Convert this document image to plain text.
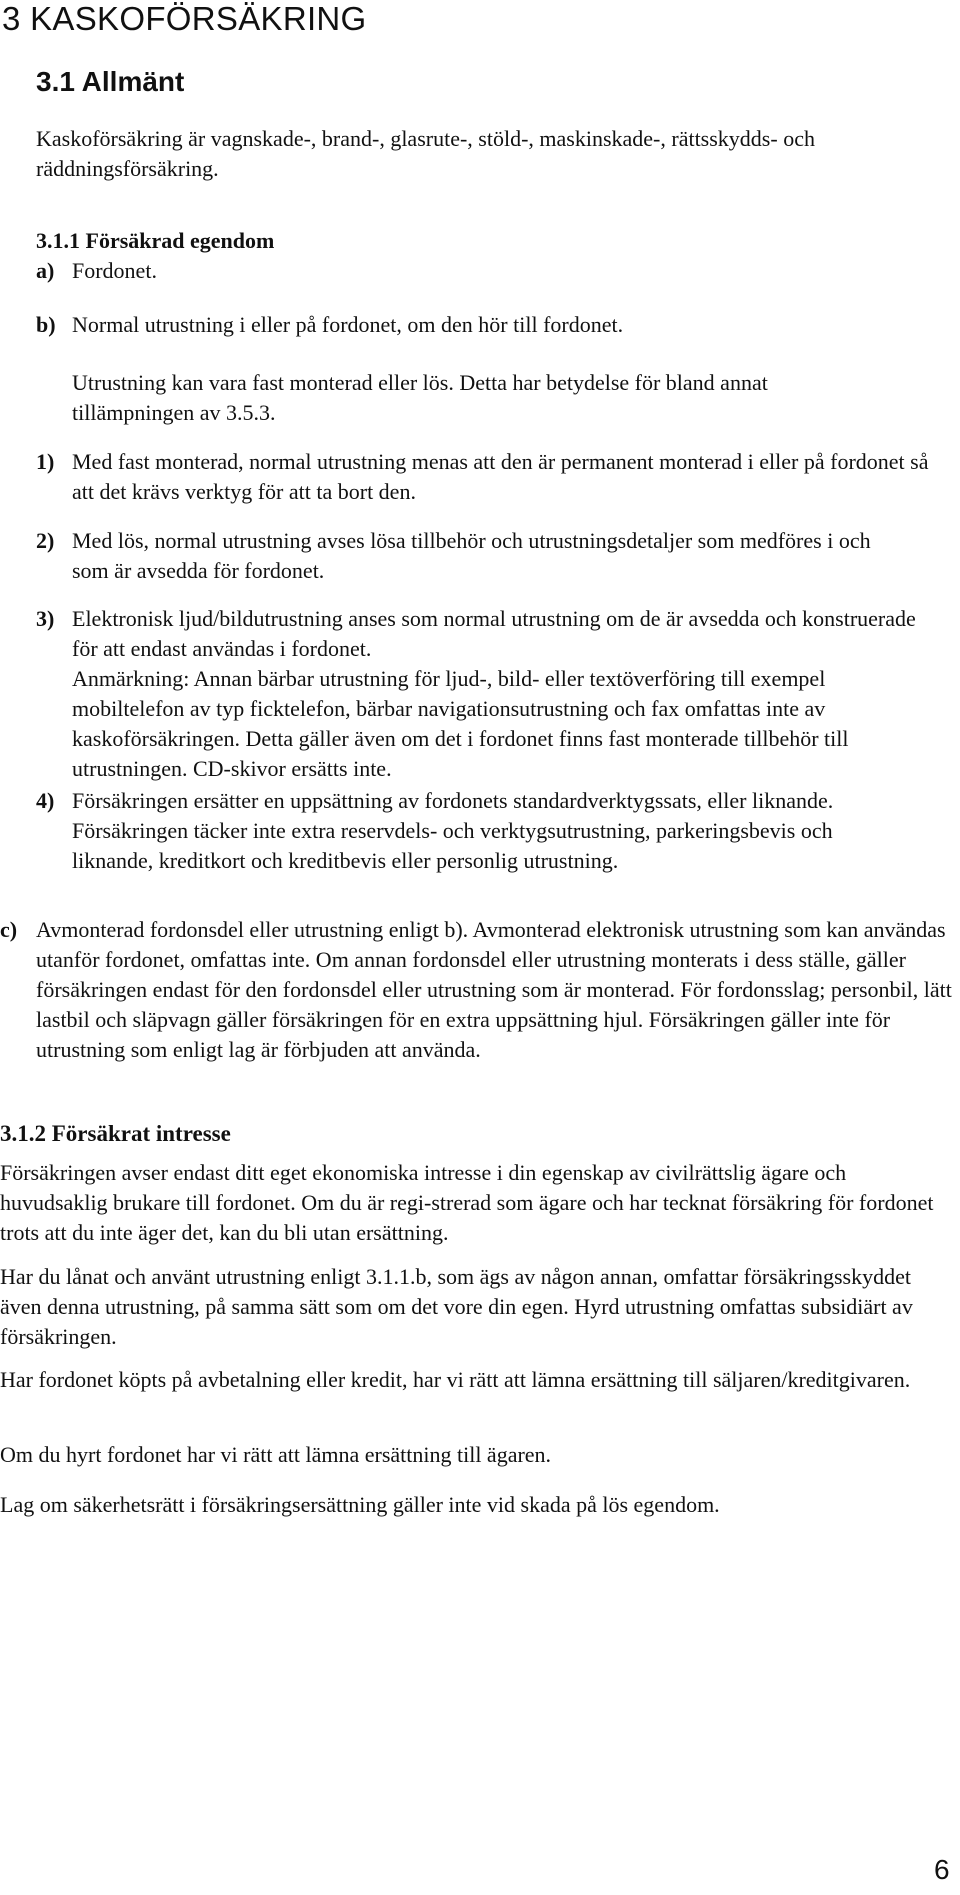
3 KASKOFÖRSÄKRING
3.1 Allmänt
Kaskoförsäkring är vagnskade-, brand-, glasrute-, stöld-, maskinskade-, rättsskydds- och räddningsförsäkring.
3.1.1 Försäkrad egendom
a) Fordonet.
b) Normal utrustning i eller på fordonet, om den hör till fordonet.
Utrustning kan vara fast monterad eller lös. Detta har betydelse för bland annat tillämpningen av 3.5.3.
1) Med fast monterad, normal utrustning menas att den är permanent monterad i eller på fordonet så att det krävs verktyg för att ta bort den.
2) Med lös, normal utrustning avses lösa tillbehör och utrustningsdetaljer som medföres i och som är avsedda för fordonet.
3) Elektronisk ljud/bildutrustning anses som normal utrustning om de är avsedda och konstruerade för att endast användas i fordonet.
Anmärkning: Annan bärbar utrustning för ljud-, bild- eller textöverföring till exempel mobiltelefon av typ ficktelefon, bärbar navigationsutrustning och fax omfattas inte av kaskoförsäkringen. Detta gäller även om det i fordonet finns fast monterade tillbehör till utrustningen. CD-skivor ersätts inte.
4) Försäkringen ersätter en uppsättning av fordonets standardverktygssats, eller liknande. Försäkringen täcker inte extra reservdels- och verktygsutrustning, parkeringsbevis och liknande, kreditkort och kreditbevis eller personlig utrustning.
c) Avmonterad fordonsdel eller utrustning enligt b). Avmonterad elektronisk utrustning som kan användas utanför fordonet, omfattas inte. Om annan fordonsdel eller utrustning monterats i dess ställe, gäller försäkringen endast för den fordonsdel eller utrustning som är monterad. För fordonsslag; personbil, lätt lastbil och släpvagn gäller försäkringen för en extra uppsättning hjul. Försäkringen gäller inte för utrustning som enligt lag är förbjuden att använda.
3.1.2 Försäkrat intresse
Försäkringen avser endast ditt eget ekonomiska intresse i din egenskap av civilrättslig ägare och huvudsaklig brukare till fordonet. Om du är regi-strerad som ägare och har tecknat försäkring för fordonet trots att du inte äger det, kan du bli utan ersättning.
Har du lånat och använt utrustning enligt 3.1.1.b, som ägs av någon annan, omfattar försäkringsskyddet även denna utrustning, på samma sätt som om det vore din egen. Hyrd utrustning omfattas subsidiärt av försäkringen.
Har fordonet köpts på avbetalning eller kredit, har vi rätt att lämna ersättning till säljaren/kreditgivaren.
Om du hyrt fordonet har vi rätt att lämna ersättning till ägaren.
Lag om säkerhetsrätt i försäkringsersättning gäller inte vid skada på lös egendom.
6
